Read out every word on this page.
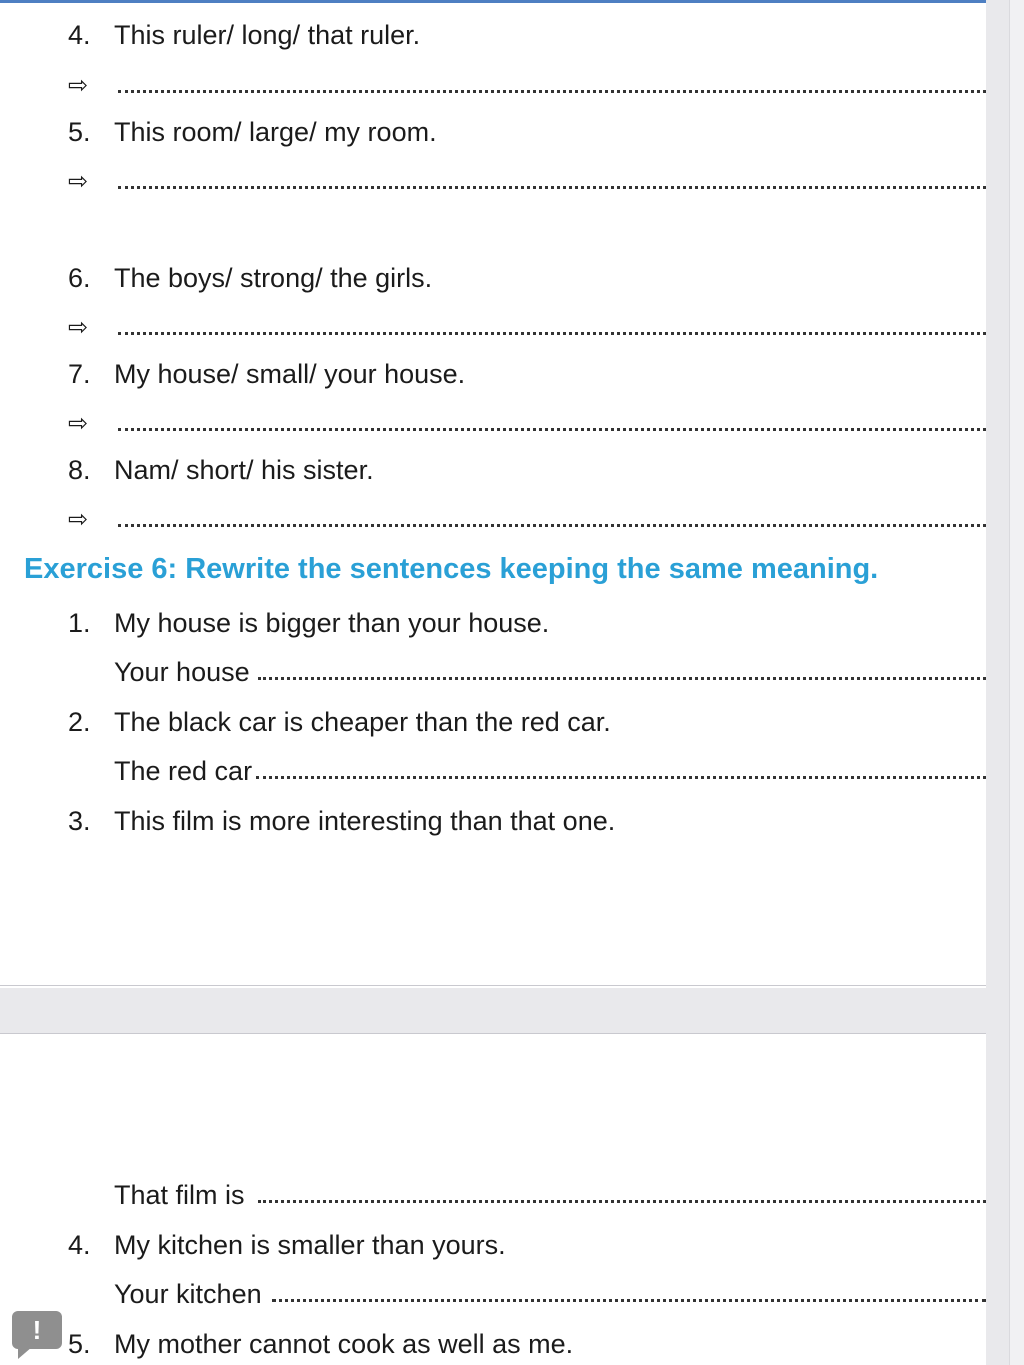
4. This ruler/ long/ that ruler.
⇨
5. This room/ large/ my room.
⇨
6. The boys/ strong/ the girls.
⇨
7. My house/ small/ your house.
⇨
8. Nam/ short/ his sister.
⇨
Exercise 6: Rewrite the sentences keeping the same meaning.
1. My house is bigger than your house.
Your house
2. The black car is cheaper than the red car.
The red car
3. This film is more interesting than that one.
That film is
4. My kitchen is smaller than yours.
Your kitchen
5. My mother cannot cook as well as me.
!
